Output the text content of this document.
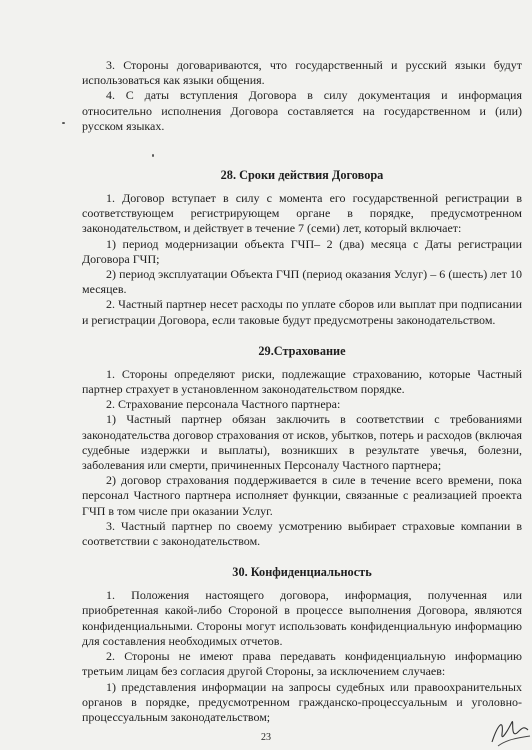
3. Стороны договариваются, что государственный и русский языки будут использоваться как языки общения.

4. С даты вступления Договора в силу документация и информация относительно исполнения Договора составляется на государственном и (или) русском языках.

28. Сроки действия Договора

1. Договор вступает в силу с момента его государственной регистрации в соответствующем регистрирующем органе в порядке, предусмотренном законодательством, и действует в течение 7 (семи) лет, который включает:

1) период модернизации объекта ГЧП– 2 (два) месяца с Даты регистрации Договора ГЧП;

2) период эксплуатации Объекта ГЧП (период оказания Услуг) – 6 (шесть) лет 10 месяцев.

2. Частный партнер несет расходы по уплате сборов или выплат при подписании и регистрации Договора, если таковые будут предусмотрены законодательством.

29.Страхование

1. Стороны определяют риски, подлежащие страхованию, которые Частный партнер страхует в установленном законодательством порядке.

2. Страхование персонала Частного партнера:

1) Частный партнер обязан заключить в соответствии с требованиями законодательства договор страхования от исков, убытков, потерь и расходов (включая судебные издержки и выплаты), возникших в результате увечья, болезни, заболевания или смерти, причиненных Персоналу Частного партнера;

2) договор страхования поддерживается в силе в течение всего времени, пока персонал Частного партнера исполняет функции, связанные с реализацией проекта ГЧП в том числе при оказании Услуг.

3. Частный партнер по своему усмотрению выбирает страховые компании в соответствии с законодательством.

30. Конфиденциальность

1. Положения настоящего договора, информация, полученная или приобретенная какой-либо Стороной в процессе выполнения Договора, являются конфиденциальными. Стороны могут использовать конфиденциальную информацию для составления необходимых отчетов.

2. Стороны не имеют права передавать конфиденциальную информацию третьим лицам без согласия другой Стороны, за исключением случаев:

1) представления информации на запросы судебных или правоохранительных органов в порядке, предусмотренном гражданско-процессуальным и уголовно-процессуальным законодательством;

23
